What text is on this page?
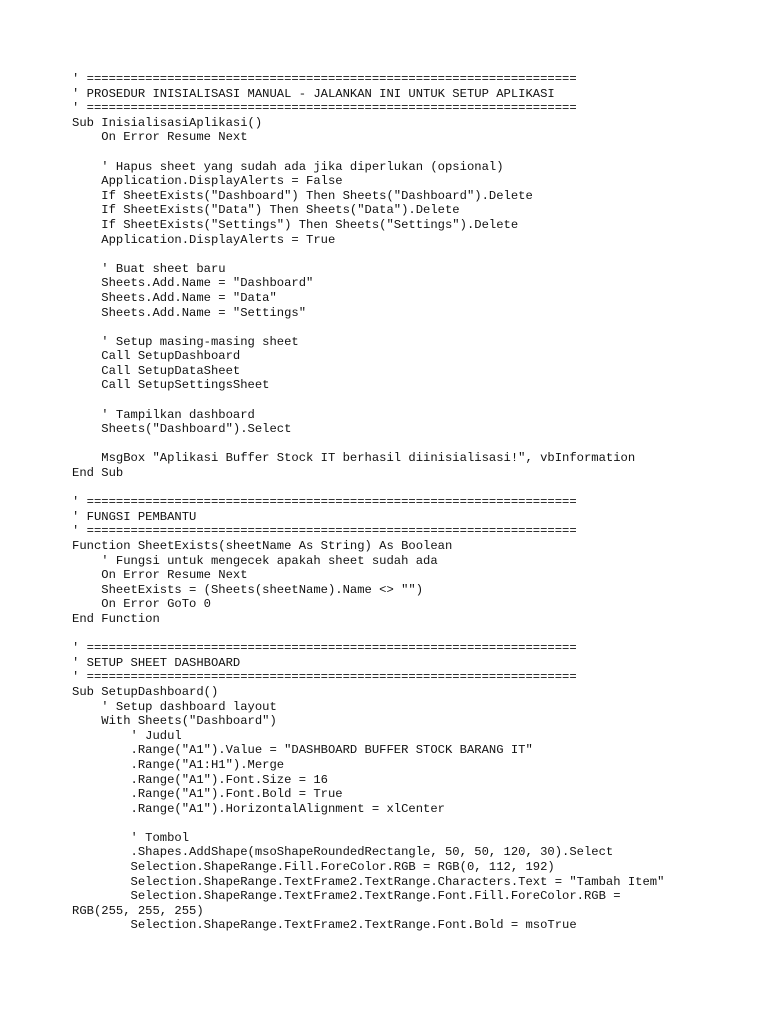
' ===================================================================
' PROSEDUR INISIALISASI MANUAL - JALANKAN INI UNTUK SETUP APLIKASI
' ===================================================================
Sub InisialisasiAplikasi()
On Error Resume Next
' Hapus sheet yang sudah ada jika diperlukan (opsional)
Application.DisplayAlerts = False
If SheetExists("Dashboard") Then Sheets("Dashboard").Delete
If SheetExists("Data") Then Sheets("Data").Delete
If SheetExists("Settings") Then Sheets("Settings").Delete
Application.DisplayAlerts = True
' Buat sheet baru
Sheets.Add.Name = "Dashboard"
Sheets.Add.Name = "Data"
Sheets.Add.Name = "Settings"
' Setup masing-masing sheet
Call SetupDashboard
Call SetupDataSheet
Call SetupSettingsSheet
' Tampilkan dashboard
Sheets("Dashboard").Select
MsgBox "Aplikasi Buffer Stock IT berhasil diinisialisasi!", vbInformation
End Sub
' ===================================================================
' FUNGSI PEMBANTU
' ===================================================================
Function SheetExists(sheetName As String) As Boolean
' Fungsi untuk mengecek apakah sheet sudah ada
On Error Resume Next
SheetExists = (Sheets(sheetName).Name <> "")
On Error GoTo 0
End Function
' ===================================================================
' SETUP SHEET DASHBOARD
' ===================================================================
Sub SetupDashboard()
' Setup dashboard layout
With Sheets("Dashboard")
' Judul
.Range("A1").Value = "DASHBOARD BUFFER STOCK BARANG IT"
.Range("A1:H1").Merge
.Range("A1").Font.Size = 16
.Range("A1").Font.Bold = True
.Range("A1").HorizontalAlignment = xlCenter
' Tombol
.Shapes.AddShape(msoShapeRoundedRectangle, 50, 50, 120, 30).Select
Selection.ShapeRange.Fill.ForeColor.RGB = RGB(0, 112, 192)
Selection.ShapeRange.TextFrame2.TextRange.Characters.Text = "Tambah Item"
Selection.ShapeRange.TextFrame2.TextRange.Font.Fill.ForeColor.RGB =
RGB(255, 255, 255)
Selection.ShapeRange.TextFrame2.TextRange.Font.Bold = msoTrue
